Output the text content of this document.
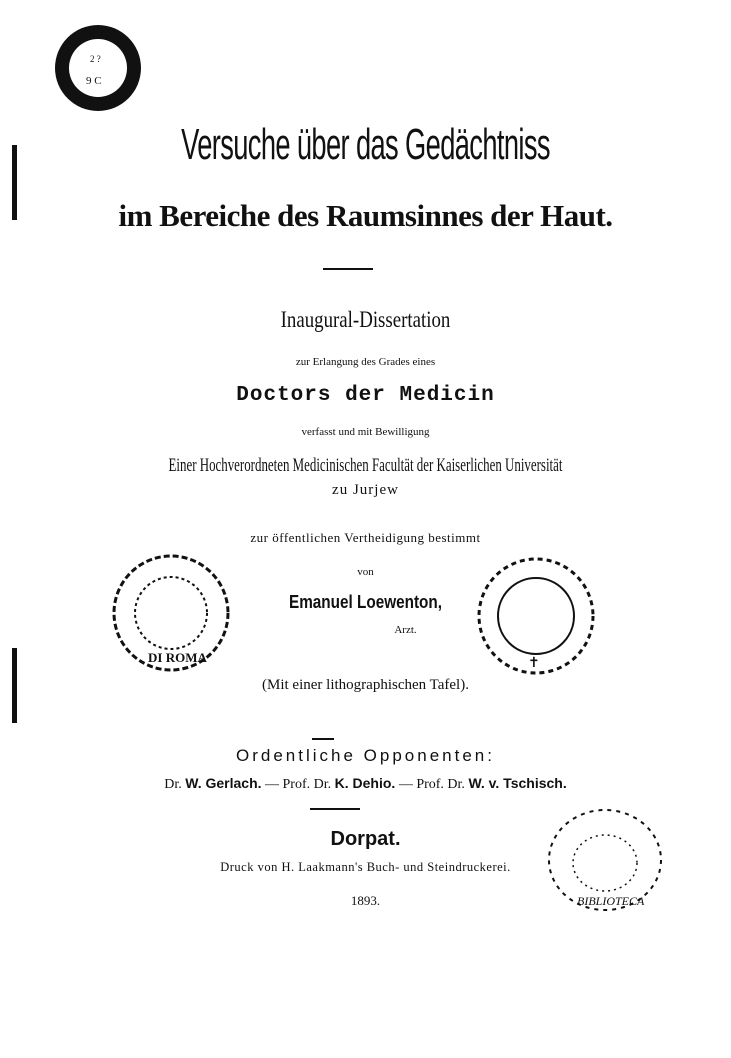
2 ?
9 C
DI ROMA	✝
BIBLIOTECA
Versuche über das Gedächtniss
im Bereiche des Raumsinnes der Haut.
Inaugural-Dissertation
zur Erlangung des Grades eines
Doctors der Medicin
verfasst und mit Bewilligung
Einer Hochverordneten Medicinischen Facultät der Kaiserlichen Universität
zu Jurjew
zur öffentlichen Vertheidigung bestimmt
von
Emanuel Loewenton,
Arzt.
(Mit einer lithographischen Tafel).
Ordentliche Opponenten:
Dr. W. Gerlach. — Prof. Dr. K. Dehio. — Prof. Dr. W. v. Tschisch.
Dorpat.
Druck von H. Laakmann's Buch- und Steindruckerei.
1893.
